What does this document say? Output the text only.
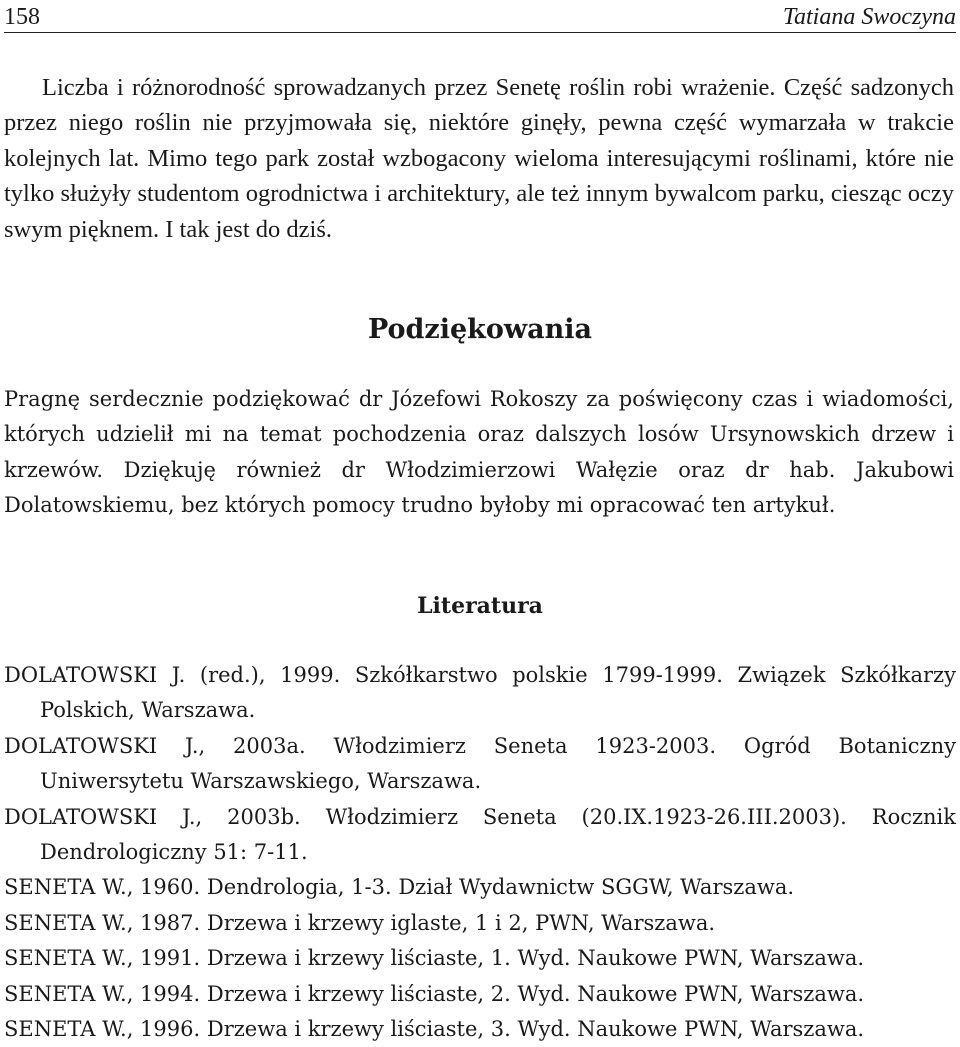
158	Tatiana Swoczyna

Liczba i różnorodność sprowadzanych przez Senetę roślin robi wrażenie. Część sadzonych przez niego roślin nie przyjmowała się, niektóre ginęły, pewna część wymarzała w trakcie kolejnych lat. Mimo tego park został wzbogacony wieloma interesującymi roślinami, które nie tylko służyły studentom ogrodnictwa i architektury, ale też innym bywalcom parku, ciesząc oczy swym pięknem. I tak jest do dziś.

Podziękowania

Pragnę serdecznie podziękować dr Józefowi Rokoszy za poświęcony czas i wiadomości, których udzielił mi na temat pochodzenia oraz dalszych losów Ursynowskich drzew i krzewów. Dziękuję również dr Włodzimierzowi Wałęzie oraz dr hab. Jakubowi Dolatowskiemu, bez których pomocy trudno byłoby mi opracować ten artykuł.

Literatura
DOLATOWSKI J. (red.), 1999. Szkółkarstwo polskie 1799-1999. Związek Szkółkarzy Polskich, Warszawa.
DOLATOWSKI J., 2003a. Włodzimierz Seneta 1923-2003. Ogród Botaniczny Uniwersytetu Warszawskiego, Warszawa.
DOLATOWSKI J., 2003b. Włodzimierz Seneta (20.IX.1923-26.III.2003). Rocznik Dendrologiczny 51: 7-11.
SENETA W., 1960. Dendrologia, 1-3. Dział Wydawnictw SGGW, Warszawa.
SENETA W., 1987. Drzewa i krzewy iglaste, 1 i 2, PWN, Warszawa.
SENETA W., 1991. Drzewa i krzewy liściaste, 1. Wyd. Naukowe PWN, Warszawa.
SENETA W., 1994. Drzewa i krzewy liściaste, 2. Wyd. Naukowe PWN, Warszawa.
SENETA W., 1996. Drzewa i krzewy liściaste, 3. Wyd. Naukowe PWN, Warszawa.
